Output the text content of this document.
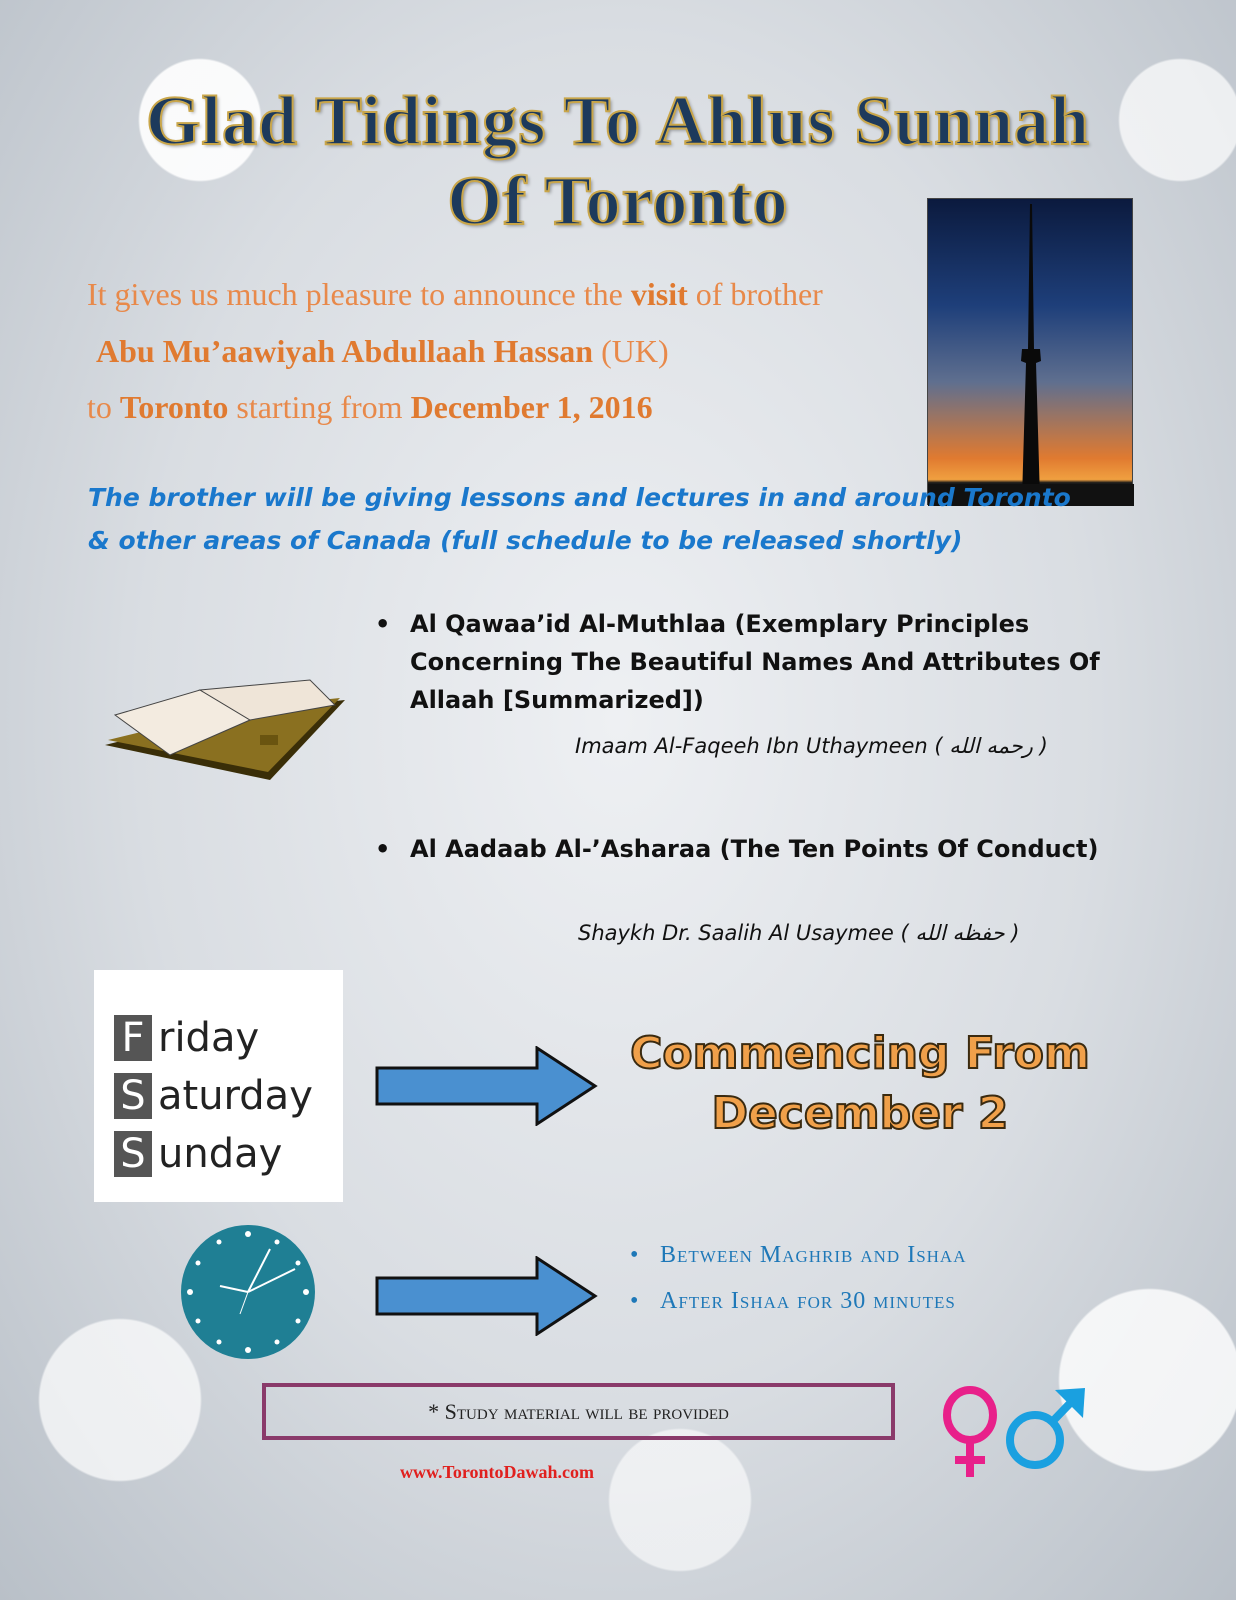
Glad Tidings To Ahlus Sunnah
Of Toronto
It gives us much pleasure to announce the visit of brother
Abu Mu’aawiyah Abdullaah Hassan (UK)
to Toronto starting from December 1, 2016
The brother will be giving lessons and lectures in and around Toronto & other areas of Canada (full schedule to be released shortly)
• Al Qawaa’id Al-Muthlaa (Exemplary Principles Concerning The Beautiful Names And Attributes Of Allaah [Summarized])
Imaam Al-Faqeeh Ibn Uthaymeen ( رحمه الله )
• Al Aadaab Al-’Asharaa (The Ten Points Of Conduct)
Shaykh Dr. Saalih Al Usaymee ( حفظه الله )
F riday
S aturday
S unday
Commencing From
December 2
• Between Maghrib and Ishaa
• After Ishaa for 30 minutes
* Study material will be provided
www.TorontoDawah.com
